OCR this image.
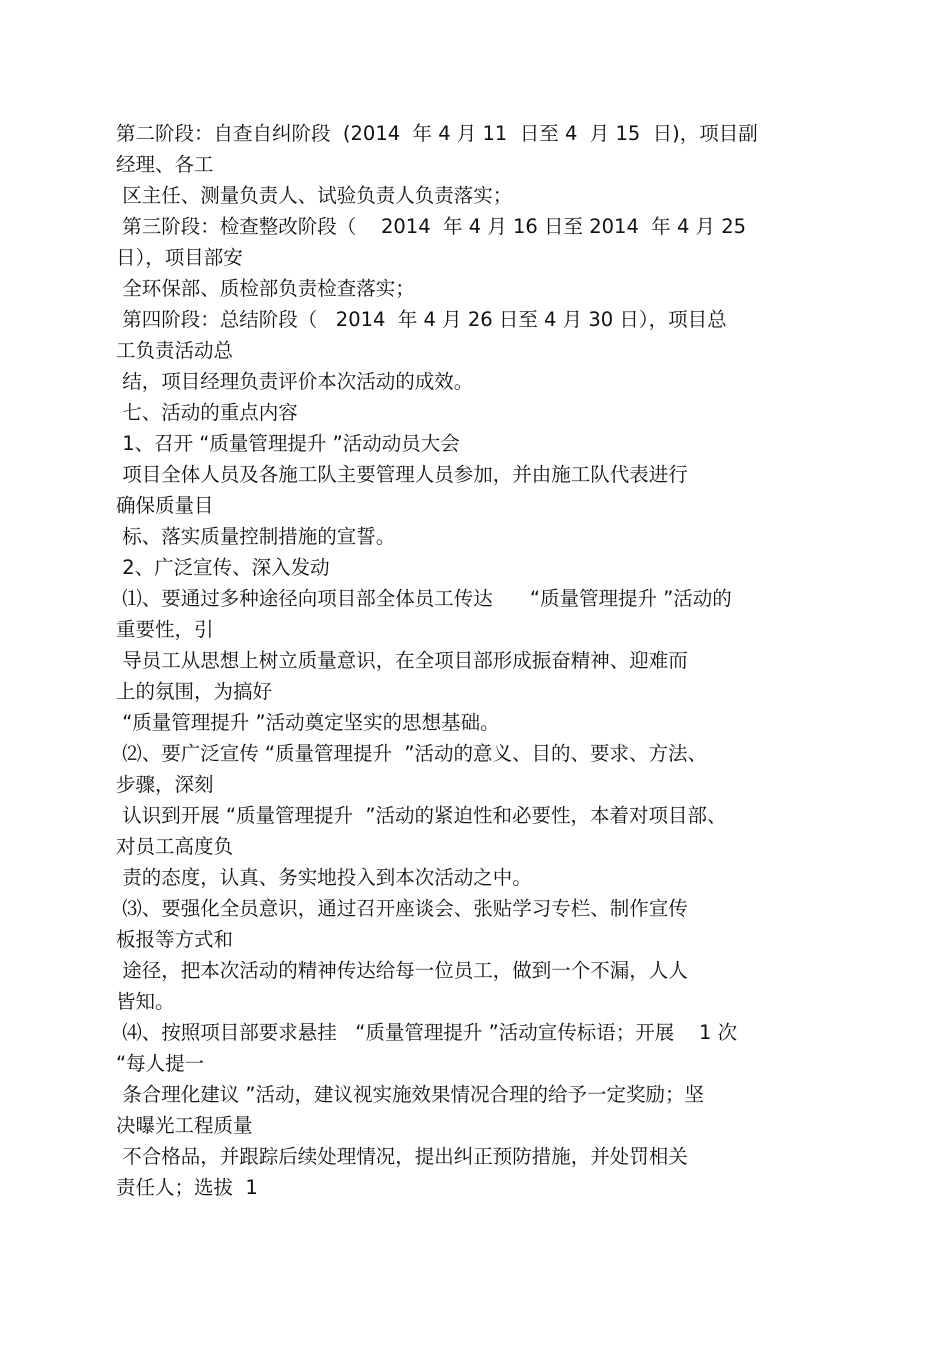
第二阶段：自查自纠阶段  (2014  年 4 月 11  日至 4  月 15  日)，项目副
经理、各工
区主任、测量负责人、试验负责人负责落实；
第三阶段：检查整改阶段（    2014  年 4 月 16 日至 2014  年 4 月 25
日），项目部安
全环保部、质检部负责检查落实；
第四阶段：总结阶段（   2014  年 4 月 26 日至 4 月 30 日），项目总
工负责活动总
结，项目经理负责评价本次活动的成效。
七、活动的重点内容
1、召开 “质量管理提升 ”活动动员大会
项目全体人员及各施工队主要管理人员参加，并由施工队代表进行
确保质量目
标、落实质量控制措施的宣誓。
2、广泛宣传、深入发动
⑴、要通过多种途径向项目部全体员工传达      “质量管理提升 ”活动的
重要性，引
导员工从思想上树立质量意识，在全项目部形成振奋精神、迎难而
上的氛围，为搞好
“质量管理提升 ”活动奠定坚实的思想基础。
⑵、要广泛宣传 “质量管理提升  ”活动的意义、目的、要求、方法、
步骤，深刻
认识到开展 “质量管理提升  ”活动的紧迫性和必要性，本着对项目部、
对员工高度负
责的态度，认真、务实地投入到本次活动之中。
⑶、要强化全员意识，通过召开座谈会、张贴学习专栏、制作宣传
板报等方式和
途径，把本次活动的精神传达给每一位员工，做到一个不漏，人人
皆知。
⑷、按照项目部要求悬挂   “质量管理提升 ”活动宣传标语；开展    1 次
“每人提一
条合理化建议 ”活动，建议视实施效果情况合理的给予一定奖励；坚
决曝光工程质量
不合格品，并跟踪后续处理情况，提出纠正预防措施，并处罚相关
责任人；选拔  1
